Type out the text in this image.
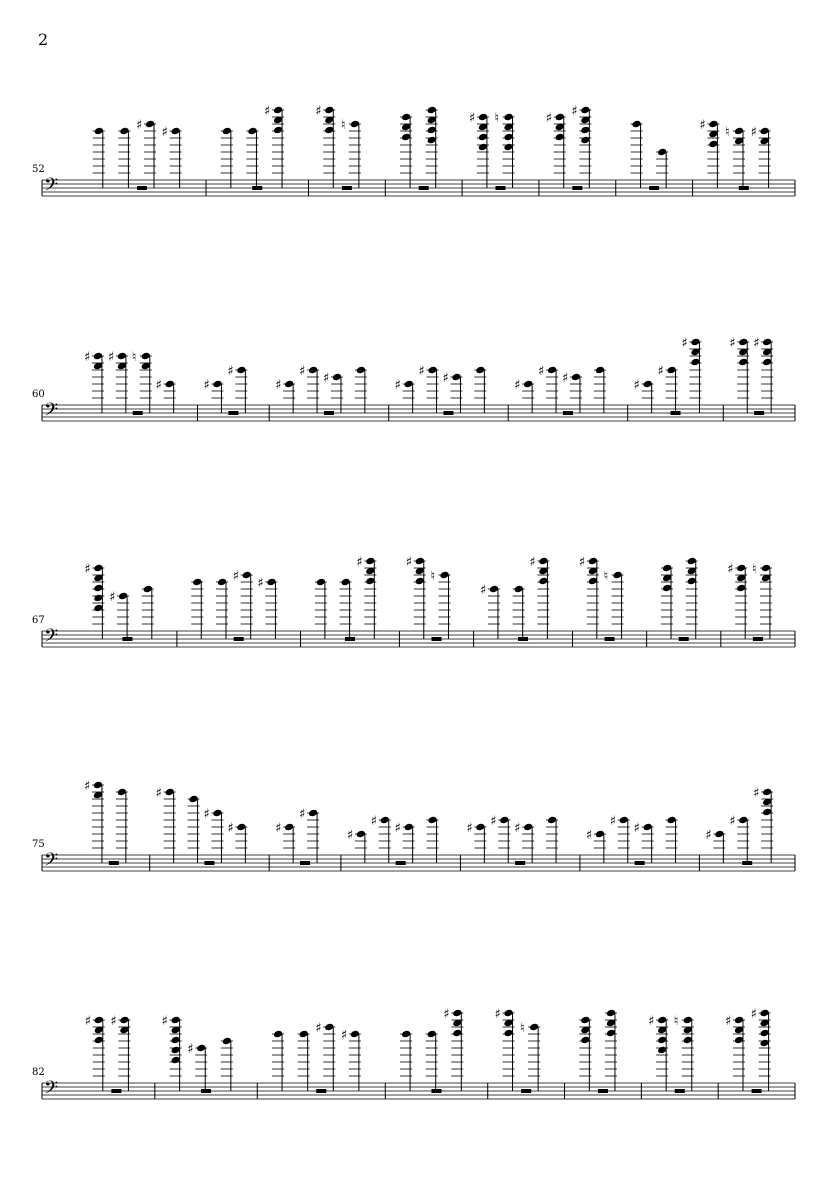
2
52
𝄢
♯ ♯
♯	♯
♮	♯ ♮	♯ ♯
♯ ♮ ♯
60
𝄢
♯ ♯ ♮
♯	♯
♯
♯
♯ ♯	♯
♯ ♯	♯
♯ ♯	♯
♯
♯	♯ ♯
67
𝄢
♯
♯
♯ ♯
♯	♯
♮
♯
♯	♯
♮	♯ ♮
75
𝄢
♯	♯
♯
♯	♯
♯
♯
♯ ♯	♯ ♯ ♯	♯
♯ ♯	♯
♯
♯
82
𝄢
♯ ♯	♯
♯
♯ ♯
♯	♯
♮	♯ ♮	♯ ♯
